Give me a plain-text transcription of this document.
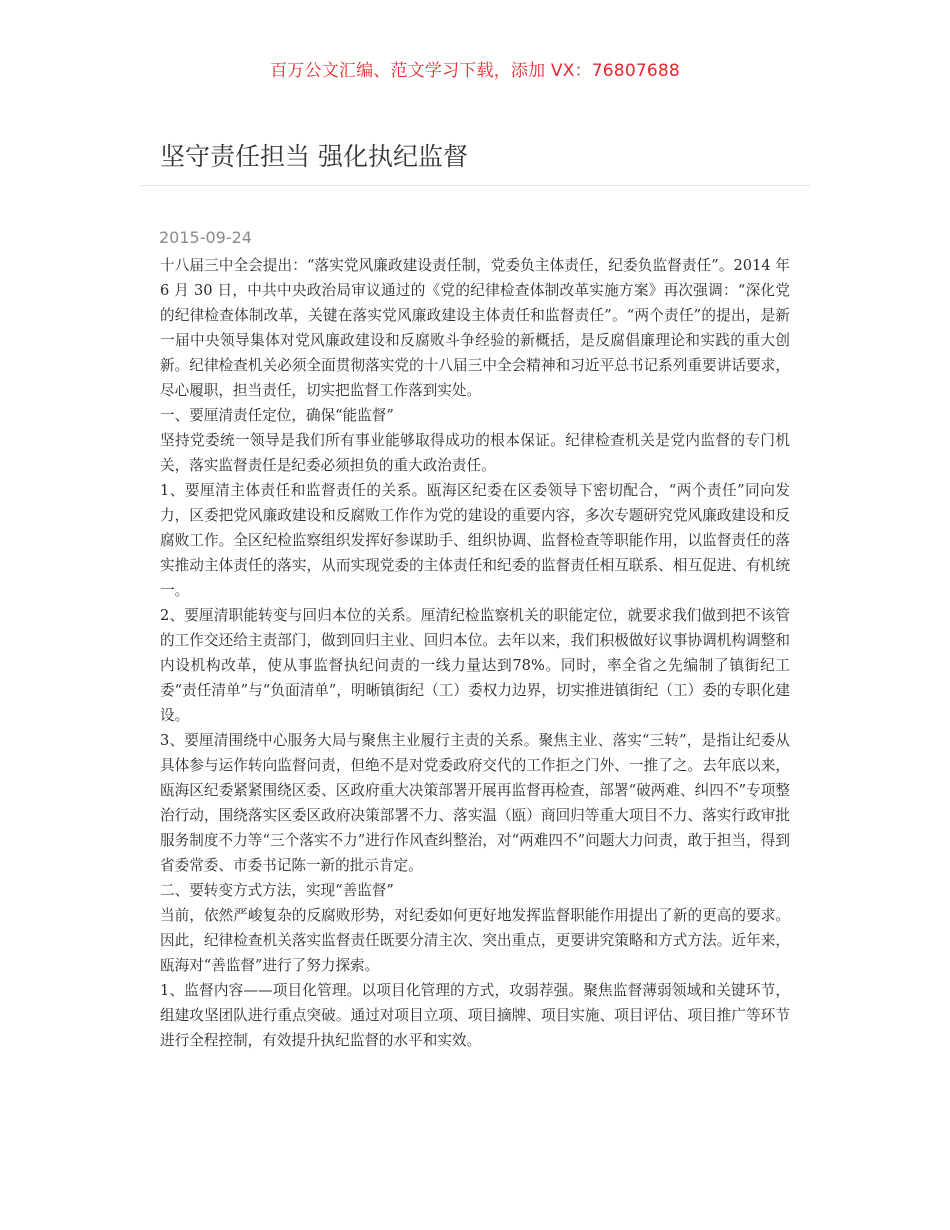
百万公文汇编、范文学习下载，添加 VX：76807688
坚守责任担当 强化执纪监督
2015-09-24

十八届三中全会提出：“落实党风廉政建设责任制，党委负主体责任，纪委负监督责任”。2014 年 6 月 30 日，中共中央政治局审议通过的《党的纪律检查体制改革实施方案》再次强调：“深化党的纪律检查体制改革，关键在落实党风廉政建设主体责任和监督责任”。“两个责任”的提出，是新一届中央领导集体对党风廉政建设和反腐败斗争经验的新概括，是反腐倡廉理论和实践的重大创新。纪律检查机关必须全面贯彻落实党的十八届三中全会精神和习近平总书记系列重要讲话要求，尽心履职，担当责任，切实把监督工作落到实处。

一、要厘清责任定位，确保“能监督”

坚持党委统一领导是我们所有事业能够取得成功的根本保证。纪律检查机关是党内监督的专门机关，落实监督责任是纪委必须担负的重大政治责任。

1、要厘清主体责任和监督责任的关系。瓯海区纪委在区委领导下密切配合，“两个责任”同向发力，区委把党风廉政建设和反腐败工作作为党的建设的重要内容，多次专题研究党风廉政建设和反腐败工作。全区纪检监察组织发挥好参谋助手、组织协调、监督检查等职能作用，以监督责任的落实推动主体责任的落实，从而实现党委的主体责任和纪委的监督责任相互联系、相互促进、有机统一。

2、要厘清职能转变与回归本位的关系。厘清纪检监察机关的职能定位，就要求我们做到把不该管的工作交还给主责部门，做到回归主业、回归本位。去年以来，我们积极做好议事协调机构调整和内设机构改革，使从事监督执纪问责的一线力量达到78%。同时，率全省之先编制了镇街纪工委“责任清单”与“负面清单”，明晰镇街纪（工）委权力边界，切实推进镇街纪（工）委的专职化建设。

3、要厘清围绕中心服务大局与聚焦主业履行主责的关系。聚焦主业、落实“三转”，是指让纪委从具体参与运作转向监督问责，但绝不是对党委政府交代的工作拒之门外、一推了之。去年底以来，瓯海区纪委紧紧围绕区委、区政府重大决策部署开展再监督再检查，部署“破两难、纠四不”专项整治行动，围绕落实区委区政府决策部署不力、落实温（瓯）商回归等重大项目不力、落实行政审批服务制度不力等“三个落实不力”进行作风查纠整治，对“两难四不”问题大力问责，敢于担当，得到省委常委、市委书记陈一新的批示肯定。

二、要转变方式方法，实现“善监督”

当前，依然严峻复杂的反腐败形势，对纪委如何更好地发挥监督职能作用提出了新的更高的要求。因此，纪律检查机关落实监督责任既要分清主次、突出重点，更要讲究策略和方式方法。近年来，瓯海对“善监督”进行了努力探索。

1、监督内容——项目化管理。以项目化管理的方式，攻弱荐强。聚焦监督薄弱领域和关键环节，组建攻坚团队进行重点突破。通过对项目立项、项目摘牌、项目实施、项目评估、项目推广等环节进行全程控制，有效提升执纪监督的水平和实效。
